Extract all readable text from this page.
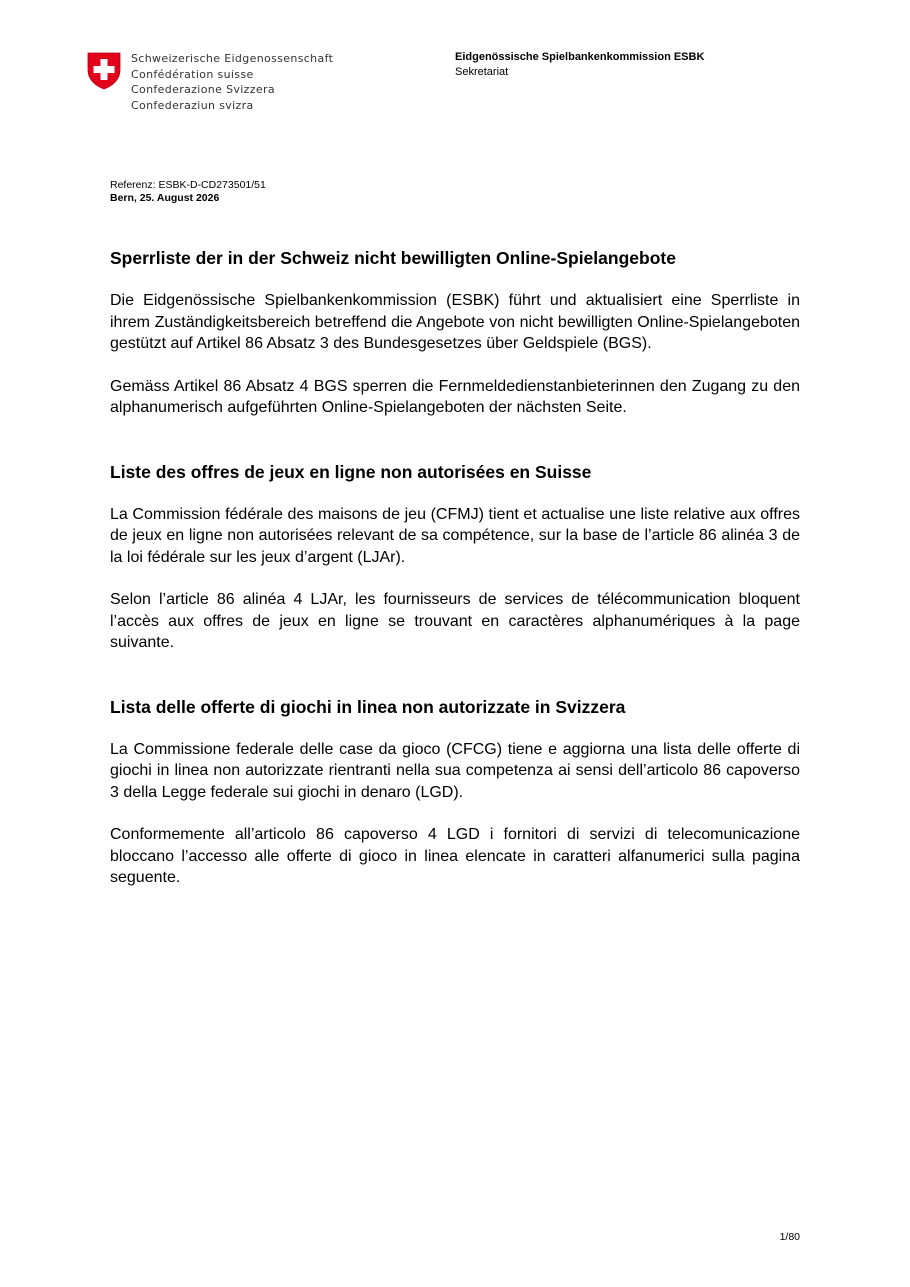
Schweizerische Eidgenossenschaft
Confédération suisse
Confederazione Svizzera
Confederaziun svizra
Eidgenössische Spielbankenkommission ESBK
Sekretariat
Referenz: ESBK-D-CD273501/51
Bern, 25. August 2026
Sperrliste der in der Schweiz nicht bewilligten Online-Spielangebote

Die Eidgenössische Spielbankenkommission (ESBK) führt und aktualisiert eine Sperrliste in ihrem Zuständigkeitsbereich betreffend die Angebote von nicht bewilligten Online-Spielangeboten gestützt auf Artikel 86 Absatz 3 des Bundesgesetzes über Geldspiele (BGS).

Gemäss Artikel 86 Absatz 4 BGS sperren die Fernmeldedienstanbieterinnen den Zugang zu den alphanumerisch aufgeführten Online-Spielangeboten der nächsten Seite.

Liste des offres de jeux en ligne non autorisées en Suisse

La Commission fédérale des maisons de jeu (CFMJ) tient et actualise une liste relative aux offres de jeux en ligne non autorisées relevant de sa compétence, sur la base de l’article 86 alinéa 3 de la loi fédérale sur les jeux d’argent (LJAr).

Selon l’article 86 alinéa 4 LJAr, les fournisseurs de services de télécommunication bloquent l’accès aux offres de jeux en ligne se trouvant en caractères alphanumériques à la page suivante.

Lista delle offerte di giochi in linea non autorizzate in Svizzera

La Commissione federale delle case da gioco (CFCG) tiene e aggiorna una lista delle offerte di giochi in linea non autorizzate rientranti nella sua competenza ai sensi dell’articolo 86 capoverso 3 della Legge federale sui giochi in denaro (LGD).

Conformemente all’articolo 86 capoverso 4 LGD i fornitori di servizi di telecomunicazione bloccano l’accesso alle offerte di gioco in linea elencate in caratteri alfanumerici sulla pagina seguente.

1/80
